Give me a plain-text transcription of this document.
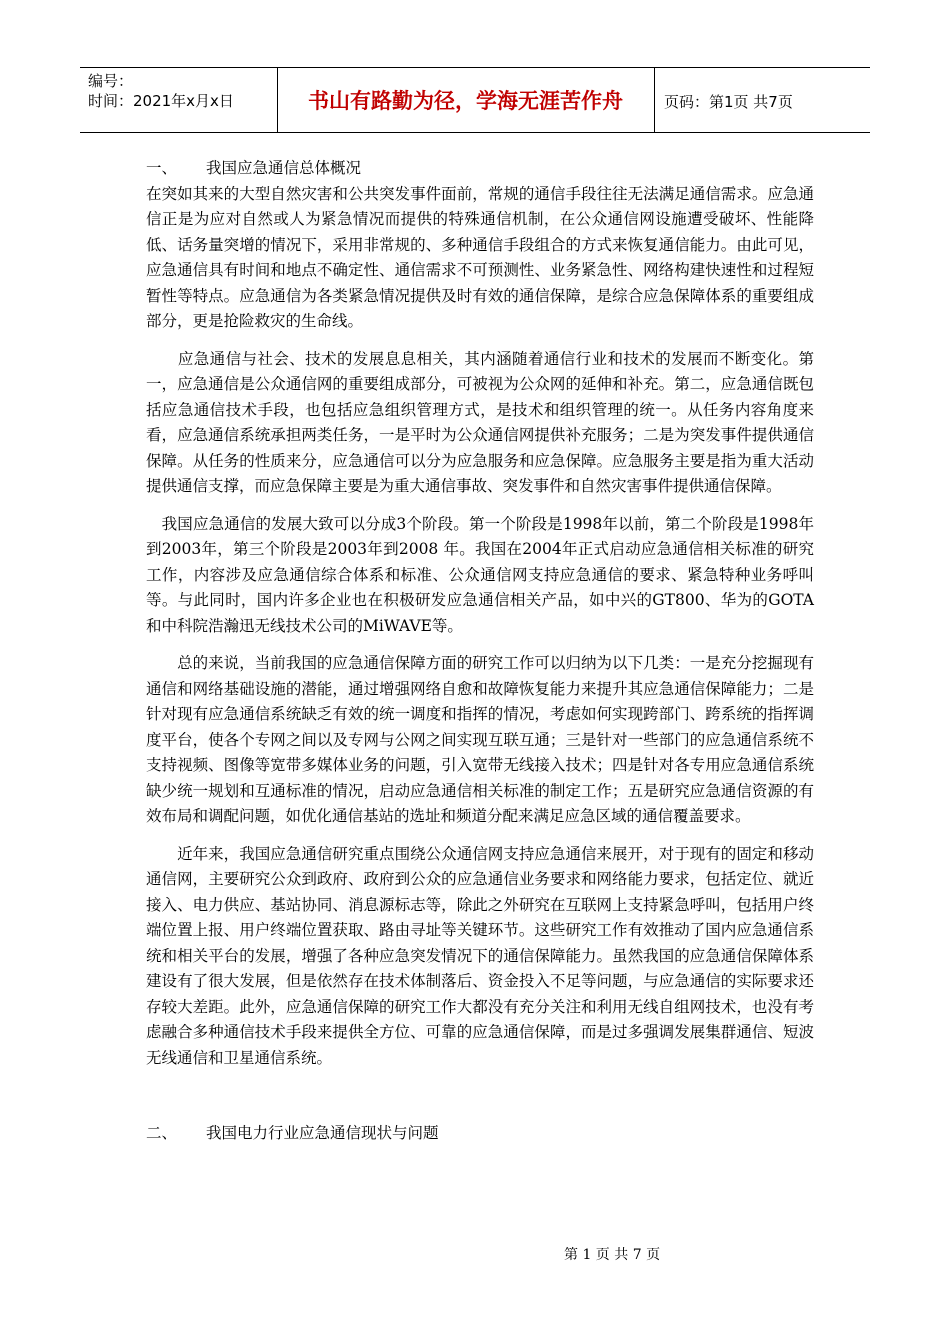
编号：
时间：2021年x月x日	书山有路勤为径，学海无涯苦作舟	页码：第1页 共7页
一、	我国应急通信总体概况

在突如其来的大型自然灾害和公共突发事件面前，常规的通信手段往往无法满足通信需求。应急通信正是为应对自然或人为紧急情况而提供的特殊通信机制，在公众通信网设施遭受破坏、性能降低、话务量突增的情况下，采用非常规的、多种通信手段组合的方式来恢复通信能力。由此可见，应急通信具有时间和地点不确定性、通信需求不可预测性、业务紧急性、网络构建快速性和过程短暂性等特点。应急通信为各类紧急情况提供及时有效的通信保障，是综合应急保障体系的重要组成部分，更是抢险救灾的生命线。

　　应急通信与社会、技术的发展息息相关，其内涵随着通信行业和技术的发展而不断变化。第一，应急通信是公众通信网的重要组成部分，可被视为公众网的延伸和补充。第二，应急通信既包括应急通信技术手段，也包括应急组织管理方式，是技术和组织管理的统一。从任务内容角度来看，应急通信系统承担两类任务，一是平时为公众通信网提供补充服务；二是为突发事件提供通信保障。从任务的性质来分，应急通信可以分为应急服务和应急保障。应急服务主要是指为重大活动提供通信支撑，而应急保障主要是为重大通信事故、突发事件和自然灾害事件提供通信保障。

　我国应急通信的发展大致可以分成3个阶段。第一个阶段是1998年以前，第二个阶段是1998年到2003年，第三个阶段是2003年到2008 年。我国在2004年正式启动应急通信相关标准的研究工作，内容涉及应急通信综合体系和标准、公众通信网支持应急通信的要求、紧急特种业务呼叫等。与此同时，国内许多企业也在积极研发应急通信相关产品，如中兴的GT800、华为的GOTA和中科院浩瀚迅无线技术公司的MiWAVE等。

　　总的来说，当前我国的应急通信保障方面的研究工作可以归纳为以下几类：一是充分挖掘现有通信和网络基础设施的潜能，通过增强网络自愈和故障恢复能力来提升其应急通信保障能力；二是针对现有应急通信系统缺乏有效的统一调度和指挥的情况，考虑如何实现跨部门、跨系统的指挥调度平台，使各个专网之间以及专网与公网之间实现互联互通；三是针对一些部门的应急通信系统不支持视频、图像等宽带多媒体业务的问题，引入宽带无线接入技术；四是针对各专用应急通信系统缺少统一规划和互通标准的情况，启动应急通信相关标准的制定工作；五是研究应急通信资源的有效布局和调配问题，如优化通信基站的选址和频道分配来满足应急区域的通信覆盖要求。

　　近年来，我国应急通信研究重点围绕公众通信网支持应急通信来展开，对于现有的固定和移动通信网，主要研究公众到政府、政府到公众的应急通信业务要求和网络能力要求，包括定位、就近接入、电力供应、基站协同、消息源标志等，除此之外研究在互联网上支持紧急呼叫，包括用户终端位置上报、用户终端位置获取、路由寻址等关键环节。这些研究工作有效推动了国内应急通信系统和相关平台的发展，增强了各种应急突发情况下的通信保障能力。虽然我国的应急通信保障体系建设有了很大发展，但是依然存在技术体制落后、资金投入不足等问题，与应急通信的实际要求还存较大差距。此外，应急通信保障的研究工作大都没有充分关注和利用无线自组网技术，也没有考虑融合多种通信技术手段来提供全方位、可靠的应急通信保障，而是过多强调发展集群通信、短波无线通信和卫星通信系统。

二、	我国电力行业应急通信现状与问题
第 1 页 共 7 页
